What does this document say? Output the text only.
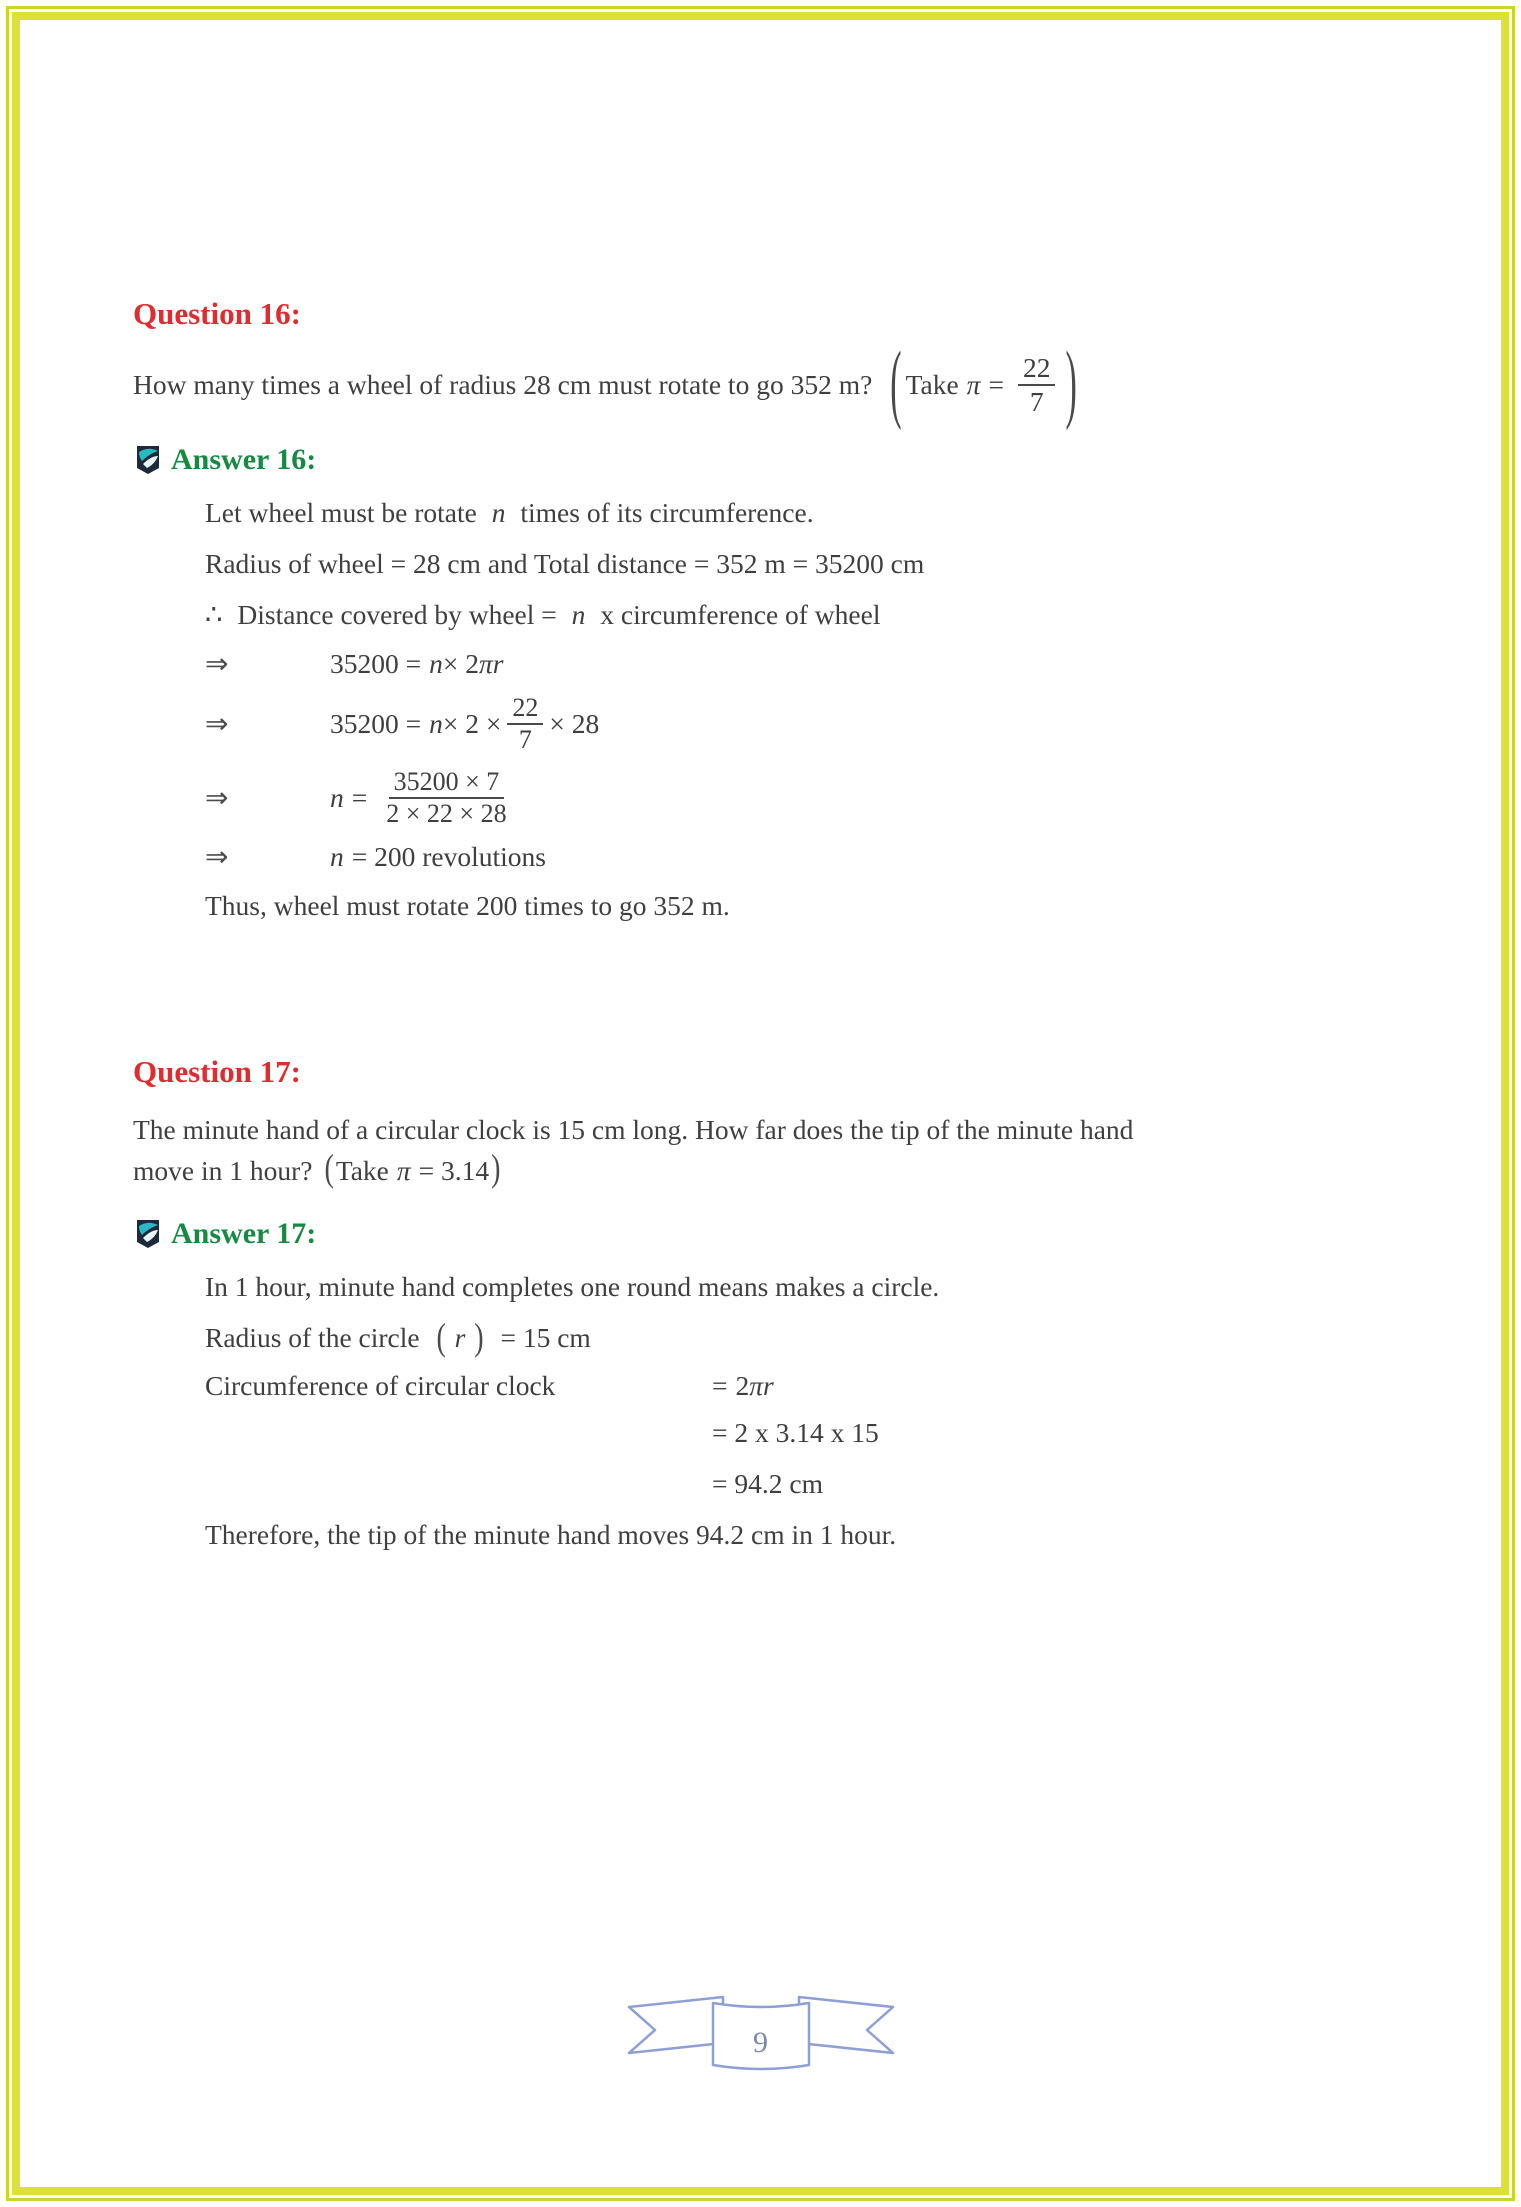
Question 16:
How many times a wheel of radius 28 cm must rotate to go 352 m? ( Take $\pi = \frac{22}{7}$ )
Answer 16:
Let wheel must be rotate n times of its circumference.
Radius of wheel = 28 cm and Total distance = 352 m = 35200 cm
∴ Distance covered by wheel = n x circumference of wheel
⇒	35200 = n × 2 πr
⇒	$35200 = n \times 2 \times \frac{22}{7} \times 28$
⇒	$n = \frac{35200 \times 7}{2 \times 22 \times 28}$
⇒	n = 200 revolutions
Thus, wheel must rotate 200 times to go 352 m.
Question 17:
The minute hand of a circular clock is 15 cm long. How far does the tip of the minute hand
move in 1 hour? ( Take π = 3.14 )
Answer 17:
In 1 hour, minute hand completes one round means makes a circle.
Radius of the circle ( r ) = 15 cm
Circumference of circular clock	= 2 πr
= 2 x 3.14 x 15
= 94.2 cm
Therefore, the tip of the minute hand moves 94.2 cm in 1 hour.
9
